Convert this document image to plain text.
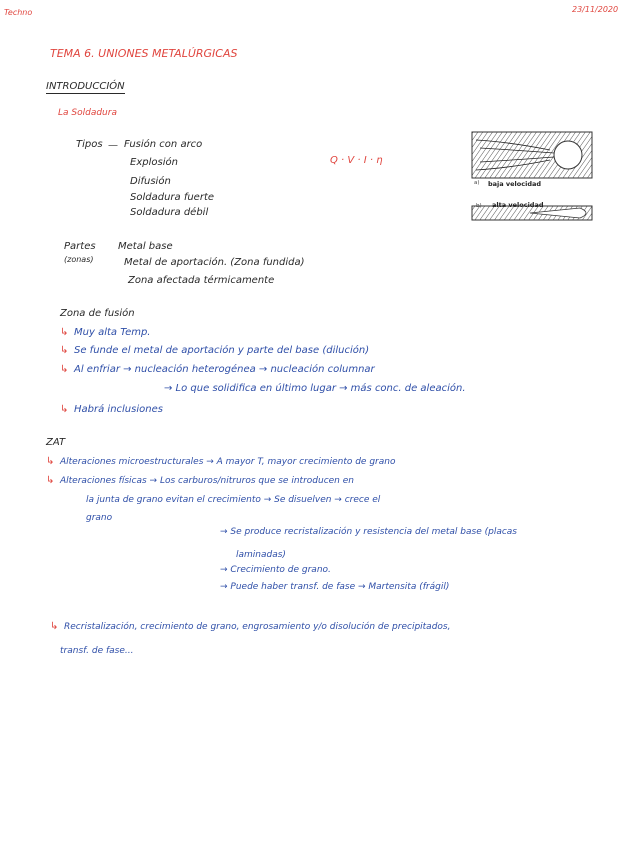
Techno	23/11/2020
TEMA 6. UNIONES METALÚRGICAS
INTRODUCCIÓN
La Soldadura
Tipos — Fusión con arco
Explosión
Difusión
Soldadura fuerte
Soldadura débil
Q · V · I · η
a) baja velocidad
b) alta velocidad
Partes
(zonas)
Metal base
Metal de aportación. (Zona fundida)
Zona afectada térmicamente
Zona de fusión
↳ Muy alta Temp.
↳ Se funde el metal de aportación y parte del base (dilución)
↳ Al enfriar → nucleación heterogénea → nucleación columnar
→ Lo que solidifica en último lugar → más conc. de aleación.
↳ Habrá inclusiones
ZAT
↳ Alteraciones microestructurales → A mayor T, mayor crecimiento de grano
↳ Alteraciones físicas → Los carburos/nitruros que se introducen en
la junta de grano evitan el crecimiento → Se disuelven → crece el
grano
→ Se produce recristalización y resistencia del metal base (placas
laminadas)
→ Crecimiento de grano.
→ Puede haber transf. de fase → Martensita (frágil)
↳ Recristalización, crecimiento de grano, engrosamiento y/o disolución de precipitados,
transf. de fase...
